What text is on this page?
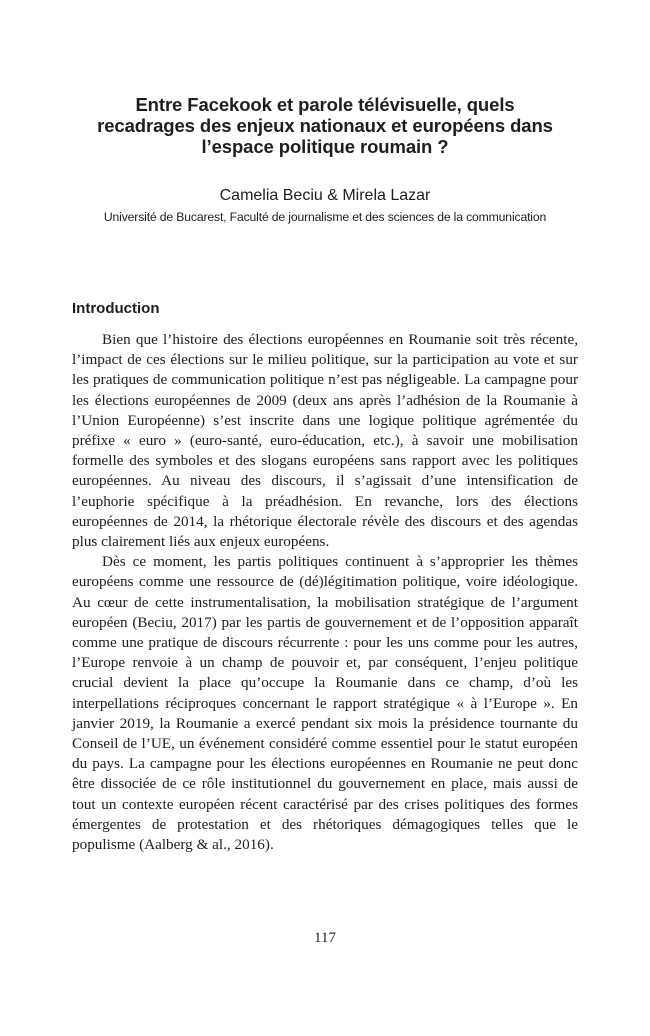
Entre Facekook et parole télévisuelle, quels
recadrages des enjeux nationaux et européens dans
l’espace politique roumain ?
Camelia Beciu & Mirela Lazar
Université de Bucarest, Faculté de journalisme et des sciences de la communication
Introduction

Bien que l’histoire des élections européennes en Roumanie soit très récente, l’impact de ces élections sur le milieu politique, sur la participation au vote et sur les pratiques de communication politique n’est pas négligeable. La campagne pour les élections européennes de 2009 (deux ans après l’adhésion de la Roumanie à l’Union Européenne) s’est inscrite dans une logique politique agrémentée du préfixe « euro » (euro-santé, euro-éducation, etc.), à savoir une mobilisation formelle des symboles et des slogans européens sans rapport avec les politiques européennes. Au niveau des discours, il s’agissait d’une intensification de l’euphorie spécifique à la préadhésion. En revanche, lors des élections européennes de 2014, la rhétorique électorale révèle des discours et des agendas plus clairement liés aux enjeux européens.

Dès ce moment, les partis politiques continuent à s’approprier les thèmes européens comme une ressource de (dé)légitimation politique, voire idéologique. Au cœur de cette instrumentalisation, la mobilisation stratégique de l’argument européen (Beciu, 2017) par les partis de gouvernement et de l’opposition apparaît comme une pratique de discours récurrente : pour les uns comme pour les autres, l’Europe renvoie à un champ de pouvoir et, par conséquent, l’enjeu politique crucial devient la place qu’occupe la Roumanie dans ce champ, d’où les interpellations réciproques concernant le rapport stratégique « à l’Europe ». En janvier 2019, la Roumanie a exercé pendant six mois la présidence tournante du Conseil de l’UE, un événement considéré comme essentiel pour le statut européen du pays. La campagne pour les élections européennes en Roumanie ne peut donc être dissociée de ce rôle institutionnel du gouvernement en place, mais aussi de tout un contexte européen récent caractérisé par des crises politiques des formes émergentes de protestation et des rhétoriques démagogiques telles que le populisme (Aalberg & al., 2016).

117
